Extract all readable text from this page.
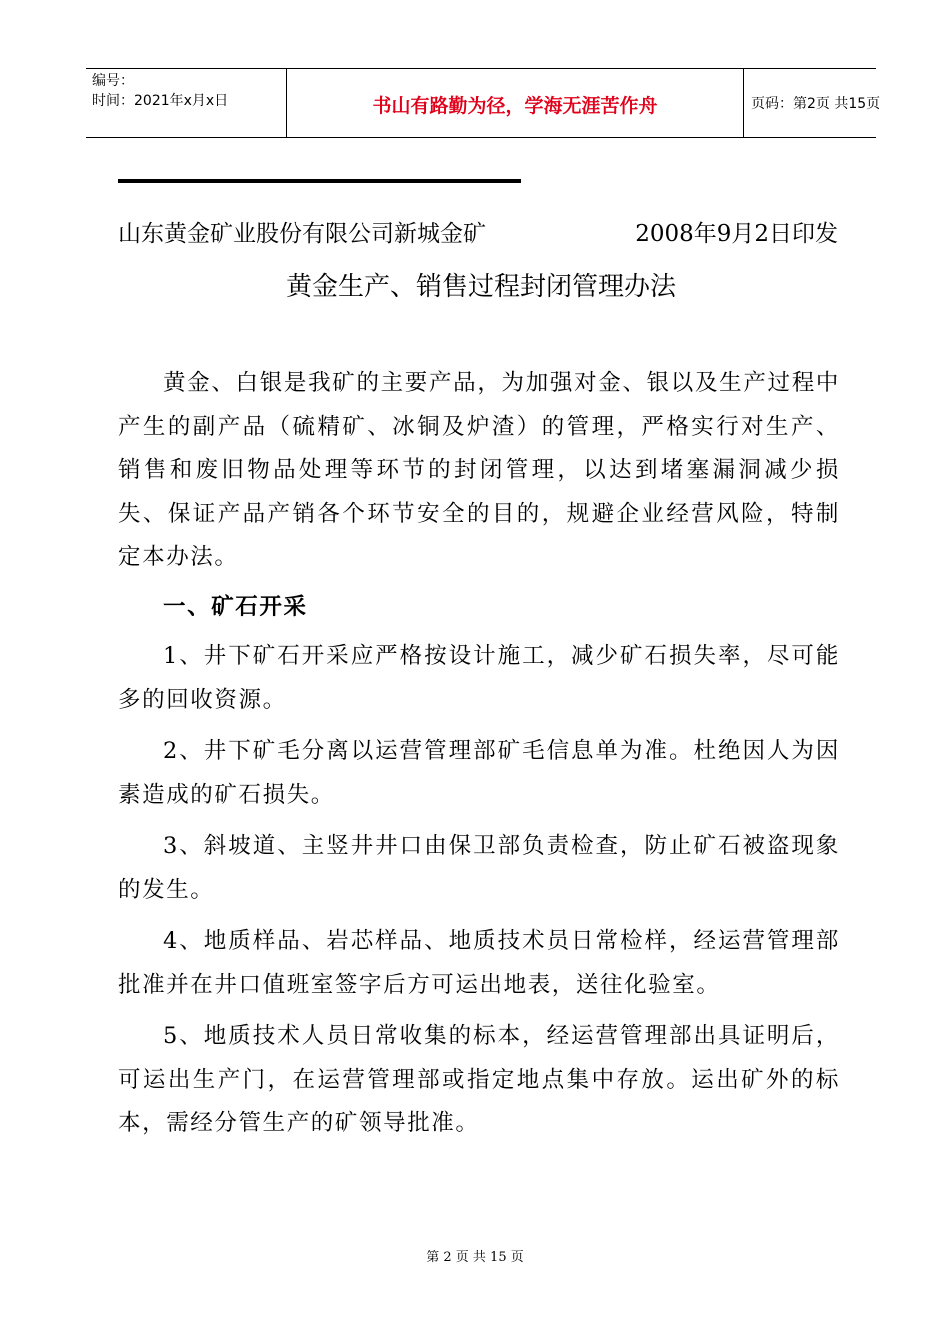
编号：
时间：2021年x月x日	书山有路勤为径，学海无涯苦作舟	页码：第2页 共15页
山东黄金矿业股份有限公司新城金矿	2008年9月2日印发
黄金生产、销售过程封闭管理办法

黄金、白银是我矿的主要产品，为加强对金、银以及生产过程中产生的副产品（硫精矿、冰铜及炉渣）的管理，严格实行对生产、销售和废旧物品处理等环节的封闭管理，以达到堵塞漏洞减少损失、保证产品产销各个环节安全的目的，规避企业经营风险，特制定本办法。

一、矿石开采

1、井下矿石开采应严格按设计施工，减少矿石损失率，尽可能多的回收资源。

2、井下矿毛分离以运营管理部矿毛信息单为准。杜绝因人为因素造成的矿石损失。

3、斜坡道、主竖井井口由保卫部负责检查，防止矿石被盗现象的发生。

4、地质样品、岩芯样品、地质技术员日常检样，经运营管理部批准并在井口值班室签字后方可运出地表，送往化验室。

5、地质技术人员日常收集的标本，经运营管理部出具证明后，可运出生产门，在运营管理部或指定地点集中存放。运出矿外的标本，需经分管生产的矿领导批准。

第 2 页 共 15 页
